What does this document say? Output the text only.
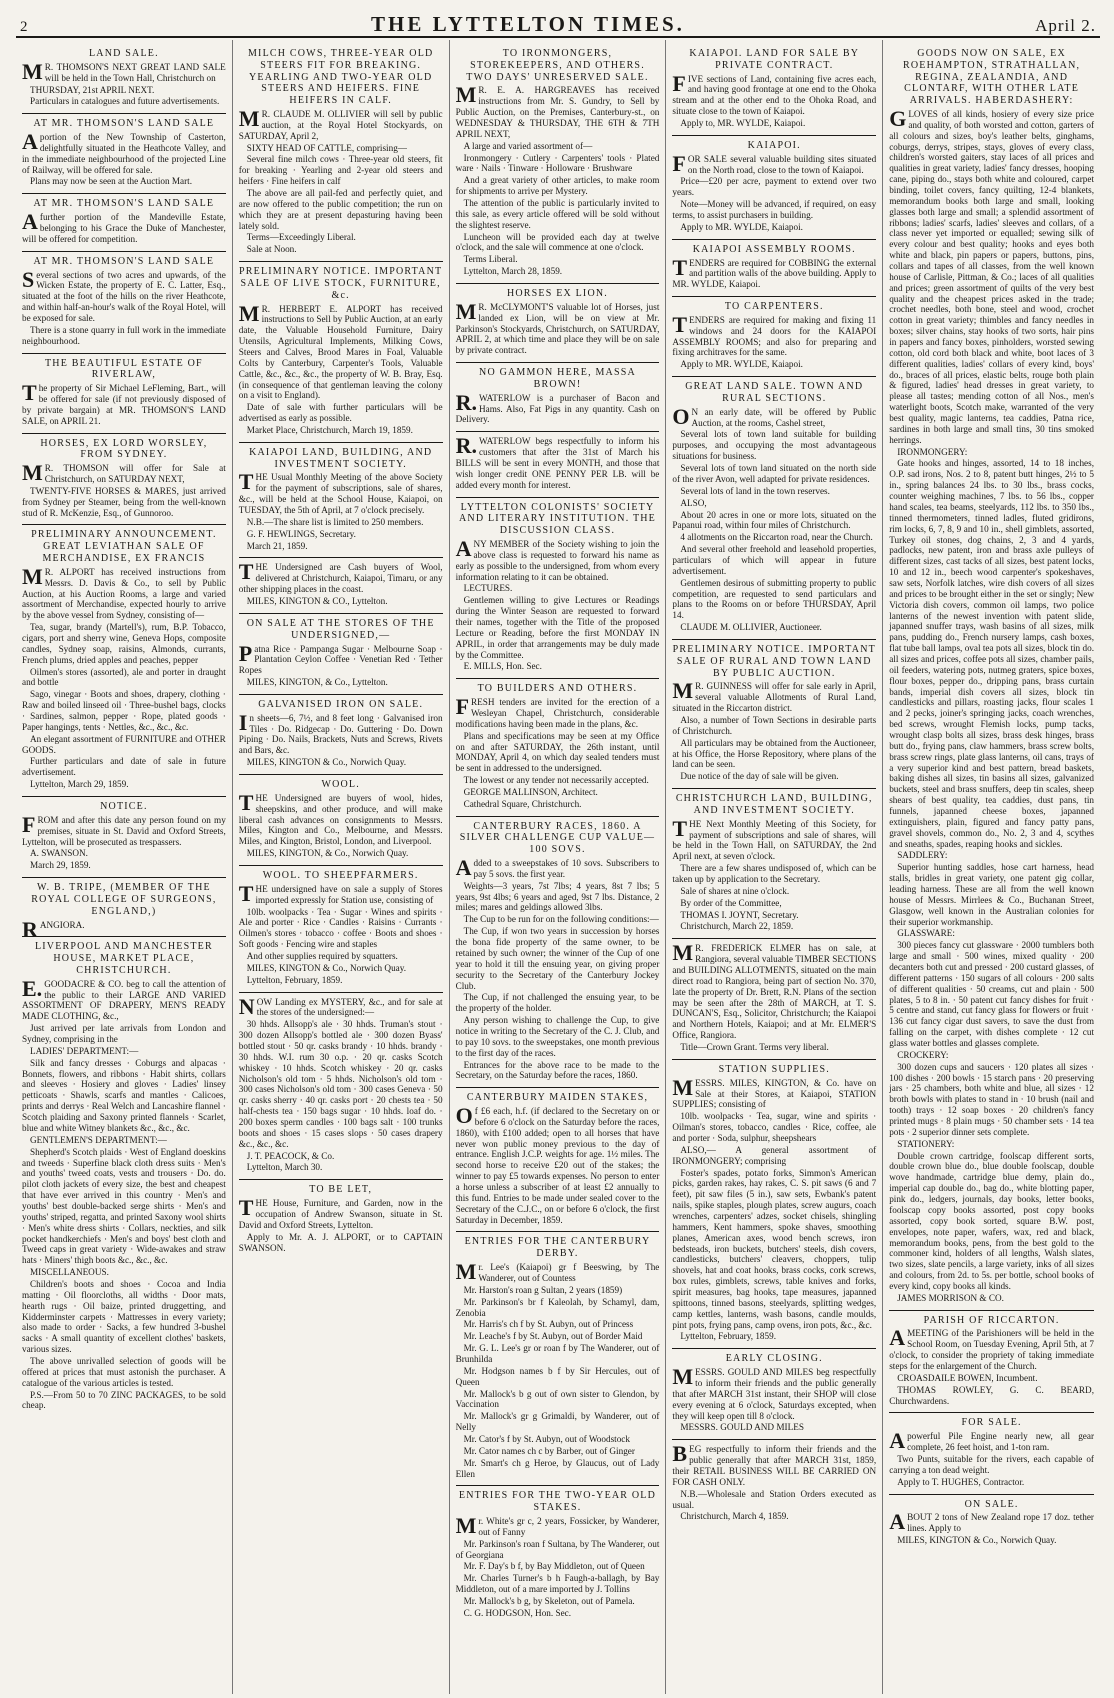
2	THE LYTTELTON TIMES.	April 2.
LAND SALE.
MR. THOMSON'S NEXT GREAT LAND SALE will be held in the Town Hall, Christchurch on
THURSDAY, 21st APRIL NEXT.
Particulars in catalogues and future advertisements.
AT MR. THOMSON'S LAND SALE
Aportion of the New Township of Casterton, delightfully situated in the Heathcote Valley, and in the immediate neighbourhood of the projected Line of Railway, will be offered for sale.
Plans may now be seen at the Auction Mart.
AT MR. THOMSON'S LAND SALE
Afurther portion of the Mandeville Estate, belonging to his Grace the Duke of Manchester, will be offered for competition.
AT MR. THOMSON'S LAND SALE
Several sections of two acres and upwards, of the Wicken Estate, the property of E. C. Latter, Esq., situated at the foot of the hills on the river Heathcote, and within half-an-hour's walk of the Royal Hotel, will be exposed for sale.
There is a stone quarry in full work in the immediate neighbourhood.
THE BEAUTIFUL ESTATE OF RIVERLAW,
The property of Sir Michael LeFleming, Bart., will be offered for sale (if not previously disposed of by private bargain) at MR. THOMSON'S LAND SALE, on APRIL 21.
HORSES, EX LORD WORSLEY, FROM SYDNEY.
MR. THOMSON will offer for Sale at Christchurch, on SATURDAY NEXT,
TWENTY-FIVE HORSES & MARES, just arrived from Sydney per Steamer, being from the well-known stud of R. McKenzie, Esq., of Gunnoroo.
PRELIMINARY ANNOUNCEMENT. GREAT LEVIATHAN SALE OF MERCHANDISE, EX FRANCIS
MR. ALPORT has received instructions from Messrs. D. Davis & Co., to sell by Public Auction, at his Auction Rooms, a large and varied assortment of Merchandise, expected hourly to arrive by the above vessel from Sydney, consisting of—
Tea, sugar, brandy (Martell's), rum, B.P. Tobacco, cigars, port and sherry wine, Geneva Hops, composite candles, Sydney soap, raisins, Almonds, currants, French plums, dried apples and peaches, pepper
Oilmen's stores (assorted), ale and porter in draught and bottle
Sago, vinegar · Boots and shoes, drapery, clothing · Raw and boiled linseed oil · Three-bushel bags, clocks · Sardines, salmon, pepper · Rope, plated goods · Paper hangings, tents · Nettles, &c., &c., &c.
An elegant assortment of FURNITURE and OTHER GOODS.
Further particulars and date of sale in future advertisement.
Lyttelton, March 29, 1859.
NOTICE.
FROM and after this date any person found on my premises, situate in St. David and Oxford Streets, Lyttelton, will be prosecuted as trespassers.
A. SWANSON.
March 29, 1859.
W. B. TRIPE, (MEMBER OF THE ROYAL COLLEGE OF SURGEONS, ENGLAND,)
RANGIORA.
LIVERPOOL AND MANCHESTER HOUSE, MARKET PLACE, CHRISTCHURCH.
E.GOODACRE & CO. beg to call the attention of the public to their LARGE AND VARIED ASSORTMENT OF DRAPERY, MEN'S READY MADE CLOTHING, &c.,
Just arrived per late arrivals from London and Sydney, comprising in the
LADIES' DEPARTMENT:—
Silk and fancy dresses · Coburgs and alpacas · Bonnets, flowers, and ribbons · Habit shirts, collars and sleeves · Hosiery and gloves · Ladies' linsey petticoats · Shawls, scarfs and mantles · Calicoes, prints and derrys · Real Welch and Lancashire flannel · Scotch plaiding and Saxony printed flannels · Scarlet, blue and white Witney blankets &c., &c., &c.
GENTLEMEN'S DEPARTMENT:—
Shepherd's Scotch plaids · West of England doeskins and tweeds · Superfine black cloth dress suits · Men's and youths' tweed coats, vests and trousers · Do. do. pilot cloth jackets of every size, the best and cheapest that have ever arrived in this country · Men's and youths' best double-backed serge shirts · Men's and youths' striped, regatta, and printed Saxony wool shirts · Men's white dress shirts · Collars, neckties, and silk pocket handkerchiefs · Men's and boys' best cloth and Tweed caps in great variety · Wide-awakes and straw hats · Miners' thigh boots &c., &c., &c.
MISCELLANEOUS.
Children's boots and shoes · Cocoa and India matting · Oil floorcloths, all widths · Door mats, hearth rugs · Oil baize, printed druggetting, and Kidderminster carpets · Mattresses in every variety; also made to order · Sacks, a few hundred 3-bushel sacks · A small quantity of excellent clothes' baskets, various sizes.
The above unrivalled selection of goods will be offered at prices that must astonish the purchaser. A catalogue of the various articles is tested.
P.S.—From 50 to 70 ZINC PACKAGES, to be sold cheap.
MILCH COWS, THREE-YEAR OLD STEERS FIT FOR BREAKING. YEARLING AND TWO-YEAR OLD STEERS AND HEIFERS. FINE HEIFERS IN CALF.
MR. CLAUDE M. OLLIVIER will sell by public auction, at the Royal Hotel Stockyards, on SATURDAY, April 2,
SIXTY HEAD OF CATTLE, comprising—
Several fine milch cows · Three-year old steers, fit for breaking · Yearling and 2-year old steers and heifers · Fine heifers in calf
The above are all pail-fed and perfectly quiet, and are now offered to the public competition; the run on which they are at present depasturing having been lately sold.
Terms—Exceedingly Liberal.
Sale at Noon.
PRELIMINARY NOTICE. IMPORTANT SALE OF LIVE STOCK, FURNITURE, &c.
MR. HERBERT E. ALPORT has received instructions to Sell by Public Auction, at an early date, the Valuable Household Furniture, Dairy Utensils, Agricultural Implements, Milking Cows, Steers and Calves, Brood Mares in Foal, Valuable Colts by Canterbury, Carpenter's Tools, Valuable Cattle, &c., &c., &c., the property of W. B. Bray, Esq. (in consequence of that gentleman leaving the colony on a visit to England).
Date of sale with further particulars will be advertised as early as possible.
Market Place, Christchurch, March 19, 1859.
KAIAPOI LAND, BUILDING, AND INVESTMENT SOCIETY.
THE Usual Monthly Meeting of the above Society for the payment of subscriptions, sale of shares, &c., will be held at the School House, Kaiapoi, on TUESDAY, the 5th of April, at 7 o'clock precisely.
N.B.—The share list is limited to 250 members.
G. F. HEWLINGS, Secretary.
March 21, 1859.
THE Undersigned are Cash buyers of Wool, delivered at Christchurch, Kaiapoi, Timaru, or any other shipping places in the coast.
MILES, KINGTON & CO., Lyttelton.
ON SALE AT THE STORES OF THE UNDERSIGNED,—
Patna Rice · Pampanga Sugar · Melbourne Soap · Plantation Ceylon Coffee · Venetian Red · Tether Ropes
MILES, KINGTON, & Co., Lyttelton.
GALVANISED IRON ON SALE.
In sheets—6, 7½, and 8 feet long · Galvanised iron Tiles · Do. Ridgecap · Do. Guttering · Do. Down Piping · Do. Nails, Brackets, Nuts and Screws, Rivets and Bars, &c.
MILES, KINGTON & Co., Norwich Quay.
WOOL.
THE Undersigned are buyers of wool, hides, sheepskins, and other produce, and will make liberal cash advances on consignments to Messrs. Miles, Kington and Co., Melbourne, and Messrs. Miles, and Kington, Bristol, London, and Liverpool.
MILES, KINGTON, & Co., Norwich Quay.
WOOL. TO SHEEPFARMERS.
THE undersigned have on sale a supply of Stores imported expressly for Station use, consisting of
10lb. woolpacks · Tea · Sugar · Wines and spirits · Ale and porter · Rice · Candles · Raisins · Currants · Oilmen's stores · tobacco · coffee · Boots and shoes · Soft goods · Fencing wire and staples
And other supplies required by squatters.
MILES, KINGTON & Co., Norwich Quay.
Lyttelton, February, 1859.
NOW Landing ex MYSTERY, &c., and for sale at the stores of the undersigned:—
30 hhds. Allsopp's ale · 30 hhds. Truman's stout · 300 dozen Allsopp's bottled ale · 300 dozen Byass' bottled stout · 50 qr. casks brandy · 10 hhds. brandy · 30 hhds. W.I. rum 30 o.p. · 20 qr. casks Scotch whiskey · 10 hhds. Scotch whiskey · 20 qr. casks Nicholson's old tom · 5 hhds. Nicholson's old tom · 300 cases Nicholson's old tom · 300 cases Geneva · 50 qr. casks sherry · 40 qr. casks port · 20 chests tea · 50 half-chests tea · 150 bags sugar · 10 hhds. loaf do. · 200 boxes sperm candles · 100 bags salt · 100 trunks boots and shoes · 15 cases slops · 50 cases drapery &c., &c., &c.
J. T. PEACOCK, & Co.
Lyttelton, March 30.
TO BE LET,
THE House, Furniture, and Garden, now in the occupation of Andrew Swanson, situate in St. David and Oxford Streets, Lyttelton.
Apply to Mr. A. J. ALPORT, or to CAPTAIN SWANSON.
TO IRONMONGERS, STOREKEEPERS, AND OTHERS. TWO DAYS' UNRESERVED SALE.
MR. E. A. HARGREAVES has received instructions from Mr. S. Gundry, to Sell by Public Auction, on the Premises, Canterbury-st., on WEDNESDAY & THURSDAY, THE 6TH & 7TH APRIL NEXT,
A large and varied assortment of—
Ironmongery · Cutlery · Carpenters' tools · Plated ware · Nails · Tinware · Holloware · Brushware
And a great variety of other articles, to make room for shipments to arrive per Mystery.
The attention of the public is particularly invited to this sale, as every article offered will be sold without the slightest reserve.
Luncheon will be provided each day at twelve o'clock, and the sale will commence at one o'clock.
Terms Liberal.
Lyttelton, March 28, 1859.
HORSES EX LION.
MR. McCLYMONT'S valuable lot of Horses, just landed ex Lion, will be on view at Mr. Parkinson's Stockyards, Christchurch, on SATURDAY, APRIL 2, at which time and place they will be on sale by private contract.
NO GAMMON HERE, MASSA BROWN!
R.WATERLOW is a purchaser of Bacon and Hams. Also, Fat Pigs in any quantity. Cash on Delivery.
R.WATERLOW begs respectfully to inform his customers that after the 31st of March his BILLS will be sent in every MONTH, and those that wish longer credit ONE PENNY PER LB. will be added every month for interest.
LYTTELTON COLONISTS' SOCIETY AND LITERARY INSTITUTION. THE DISCUSSION CLASS.
ANY MEMBER of the Society wishing to join the above class is requested to forward his name as early as possible to the undersigned, from whom every information relating to it can be obtained.
LECTURES.
Gentlemen willing to give Lectures or Readings during the Winter Season are requested to forward their names, together with the Title of the proposed Lecture or Reading, before the first MONDAY IN APRIL, in order that arrangements may be duly made by the Committee.
E. MILLS, Hon. Sec.
TO BUILDERS AND OTHERS.
FRESH tenders are invited for the erection of a Wesleyan Chapel, Christchurch, considerable modifications having been made in the plans, &c.
Plans and specifications may be seen at my Office on and after SATURDAY, the 26th instant, until MONDAY, April 4, on which day sealed tenders must be sent in addressed to the undersigned.
The lowest or any tender not necessarily accepted.
GEORGE MALLINSON, Architect.
Cathedral Square, Christchurch.
CANTERBURY RACES, 1860. A SILVER CHALLENGE CUP VALUE—100 SOVS.
Added to a sweepstakes of 10 sovs. Subscribers to pay 5 sovs. the first year.
Weights—3 years, 7st 7lbs; 4 years, 8st 7 lbs; 5 years, 9st 4lbs; 6 years and aged, 9st 7 lbs. Distance, 2 miles; mares and geldings allowed 3lbs.
The Cup to be run for on the following conditions:—
The Cup, if won two years in succession by horses the bona fide property of the same owner, to be retained by such owner; the winner of the Cup of one year to hold it till the ensuing year, on giving proper security to the Secretary of the Canterbury Jockey Club.
The Cup, if not challenged the ensuing year, to be the property of the holder.
Any person wishing to challenge the Cup, to give notice in writing to the Secretary of the C. J. Club, and to pay 10 sovs. to the sweepstakes, one month previous to the first day of the races.
Entrances for the above race to be made to the Secretary, on the Saturday before the races, 1860.
CANTERBURY MAIDEN STAKES,
Of £6 each, h.f. (if declared to the Secretary on or before 6 o'clock on the Saturday before the races, 1860), with £100 added; open to all horses that have never won public money previous to the day of entrance. English J.C.P. weights for age. 1½ miles. The second horse to receive £20 out of the stakes; the winner to pay £5 towards expenses. No person to enter a horse unless a subscriber of at least £2 annually to this fund. Entries to be made under sealed cover to the Secretary of the C.J.C., on or before 6 o'clock, the first Saturday in December, 1859.
ENTRIES FOR THE CANTERBURY DERBY.
Mr. Lee's (Kaiapoi) gr f Beeswing, by The Wanderer, out of Countess
Mr. Harston's roan g Sultan, 2 years (1859)
Mr. Parkinson's br f Kaleolah, by Schamyl, dam, Zenobia
Mr. Harris's ch f by St. Aubyn, out of Princess
Mr. Leache's f by St. Aubyn, out of Border Maid
Mr. G. L. Lee's gr or roan f by The Wanderer, out of Brunhilda
Mr. Hodgson names b f by Sir Hercules, out of Queen
Mr. Mallock's b g out of own sister to Glendon, by Vaccination
Mr. Mallock's gr g Grimaldi, by Wanderer, out of Nelly
Mr. Cator's f by St. Aubyn, out of Woodstock
Mr. Cator names ch c by Barber, out of Ginger
Mr. Smart's ch g Heroe, by Glaucus, out of Lady Ellen
ENTRIES FOR THE TWO-YEAR OLD STAKES.
Mr. White's gr c, 2 years, Fossicker, by Wanderer, out of Fanny
Mr. Parkinson's roan f Sultana, by The Wanderer, out of Georgiana
Mr. F. Day's b f, by Bay Middleton, out of Queen
Mr. Charles Turner's b h Faugh-a-ballagh, by Bay Middleton, out of a mare imported by J. Tollins
Mr. Mallock's b g, by Skeleton, out of Pamela.
C. G. HODGSON, Hon. Sec.
KAIAPOI. LAND FOR SALE BY PRIVATE CONTRACT.
FIVE sections of Land, containing five acres each, and having good frontage at one end to the Ohoka stream and at the other end to the Ohoka Road, and situate close to the town of Kaiapoi.
Apply to, MR. WYLDE, Kaiapoi.
KAIAPOI.
FOR SALE several valuable building sites situated on the North road, close to the town of Kaiapoi.
Price—£20 per acre, payment to extend over two years.
Note—Money will be advanced, if required, on easy terms, to assist purchasers in building.
Apply to MR. WYLDE, Kaiapoi.
KAIAPOI ASSEMBLY ROOMS.
TENDERS are required for COBBING the external and partition walls of the above building. Apply to MR. WYLDE, Kaiapoi.
TO CARPENTERS.
TENDERS are required for making and fixing 11 windows and 24 doors for the KAIAPOI ASSEMBLY ROOMS; and also for preparing and fixing architraves for the same.
Apply to MR. WYLDE, Kaiapoi.
GREAT LAND SALE. TOWN AND RURAL SECTIONS.
ON an early date, will be offered by Public Auction, at the rooms, Cashel street,
Several lots of town land suitable for building purposes, and occupying the most advantageous situations for business.
Several lots of town land situated on the north side of the river Avon, well adapted for private residences.
Several lots of land in the town reserves.
ALSO,
About 20 acres in one or more lots, situated on the Papanui road, within four miles of Christchurch.
4 allotments on the Riccarton road, near the Church.
And several other freehold and leasehold properties, particulars of which will appear in future advertisement.
Gentlemen desirous of submitting property to public competition, are requested to send particulars and plans to the Rooms on or before THURSDAY, April 14.
CLAUDE M. OLLIVIER, Auctioneer.
PRELIMINARY NOTICE. IMPORTANT SALE OF RURAL AND TOWN LAND BY PUBLIC AUCTION.
MR. GUINNESS will offer for sale early in April, several valuable Allotments of Rural Land, situated in the Riccarton district.
Also, a number of Town Sections in desirable parts of Christchurch.
All particulars may be obtained from the Auctioneer, at his Office, the Horse Repository, where plans of the land can be seen.
Due notice of the day of sale will be given.
CHRISTCHURCH LAND, BUILDING, AND INVESTMENT SOCIETY.
THE Next Monthly Meeting of this Society, for payment of subscriptions and sale of shares, will be held in the Town Hall, on SATURDAY, the 2nd April next, at seven o'clock.
There are a few shares undisposed of, which can be taken up by application to the Secretary.
Sale of shares at nine o'clock.
By order of the Committee,
THOMAS I. JOYNT, Secretary.
Christchurch, March 22, 1859.
MR. FREDERICK ELMER has on sale, at Rangiora, several valuable TIMBER SECTIONS and BUILDING ALLOTMENTS, situated on the main direct road to Rangiora, being part of section No. 370, late the property of Dr. Brett, R.N. Plans of the section may be seen after the 28th of MARCH, at T. S. DUNCAN'S, Esq., Solicitor, Christchurch; the Kaiapoi and Northern Hotels, Kaiapoi; and at Mr. ELMER'S Office, Rangiora.
Title—Crown Grant. Terms very liberal.
STATION SUPPLIES.
MESSRS. MILES, KINGTON, & Co. have on Sale at their Stores, at Kaiapoi, STATION SUPPLIES; consisting of
10lb. woolpacks · Tea, sugar, wine and spirits · Oilman's stores, tobacco, candles · Rice, coffee, ale and porter · Soda, sulphur, sheepshears
ALSO,— A general assortment of IRONMONGERY; comprising
Foster's spades, potato forks, Simmon's American picks, garden rakes, hay rakes, C. S. pit saws (6 and 7 feet), pit saw files (5 in.), saw sets, Ewbank's patent nails, spike staples, plough plates, screw augurs, coach wrenches, carpenters' adzes, socket chisels, shingling hammers, Kent hammers, spoke shaves, smoothing planes, American axes, wood bench screws, iron bedsteads, iron buckets, butchers' steels, dish covers, candlesticks, butchers' cleavers, choppers, tulip shovels, hat and coat hooks, brass cocks, cork screws, box rules, gimblets, screws, table knives and forks, spirit measures, bag hooks, tape measures, japanned spittoons, tinned basons, steelyards, splitting wedges, camp kettles, lanterns, wash basons, candle moulds, pint pots, frying pans, camp ovens, iron pots, &c., &c.
Lyttelton, February, 1859.
EARLY CLOSING.
MESSRS. GOULD AND MILES beg respectfully to inform their friends and the public generally that after MARCH 31st instant, their SHOP will close every evening at 6 o'clock, Saturdays excepted, when they will keep open till 8 o'clock.
MESSRS. GOULD AND MILES
BEG respectfully to inform their friends and the public generally that after MARCH 31st, 1859, their RETAIL BUSINESS WILL BE CARRIED ON FOR CASH ONLY.
N.B.—Wholesale and Station Orders executed as usual.
Christchurch, March 4, 1859.
GOODS NOW ON SALE, EX ROEHAMPTON, STRATHALLAN, REGINA, ZEALANDIA, AND CLONTARF, WITH OTHER LATE ARRIVALS. HABERDASHERY:
GLOVES of all kinds, hosiery of every size price and quality, of both worsted and cotton, garters of all colours and sizes, boy's leather belts, ginghams, coburgs, derrys, stripes, stays, gloves of every class, children's worsted gaiters, stay laces of all prices and qualities in great variety, ladies' fancy dresses, hooping cane, piping do., stays both white and coloured, carpet binding, toilet covers, fancy quilting, 12-4 blankets, memorandum books both large and small, looking glasses both large and small; a splendid assortment of ribbons; ladies' scarfs, ladies' sleeves and collars, of a class never yet imported or equalled; sewing silk of every colour and best quality; hooks and eyes both white and black, pin papers or papers, buttons, pins, collars and tapes of all classes, from the well known house of Carlisle, Pittman, & Co.; laces of all qualities and prices; green assortment of quilts of the very best quality and the cheapest prices asked in the trade; crochet needles, both bone, steel and wood, crochet cotton in great variety; thimbles and fancy needles in boxes; silver chains, stay hooks of two sorts, hair pins in papers and fancy boxes, pinholders, worsted sewing cotton, old cord both black and white, boot laces of 3 different qualities, ladies' collars of every kind, boys' do., braces of all prices, elastic belts, rouge both plain & figured, ladies' head dresses in great variety, to please all tastes; mending cotton of all Nos., men's waterlight boots, Scotch make, warranted of the very best quality, magic lanterns, tea caddies, Patna rice, sardines in both large and small tins, 30 tins smoked herrings.
IRONMONGERY:
Gate hooks and hinges, assorted, 14 to 18 inches, O.P. sad irons, Nos. 2 to 8, patent butt hinges, 2½ to 5 in., spring balances 24 lbs. to 30 lbs., brass cocks, counter weighing machines, 7 lbs. to 56 lbs., copper hand scales, tea beams, steelyards, 112 lbs. to 350 lbs., tinned thermometers, tinned ladles, fluted gridirons, rim locks, 6, 7, 8, 9 and 10 in., shell gimblets, assorted, Turkey oil stones, dog chains, 2, 3 and 4 yards, padlocks, new patent, iron and brass axle pulleys of different sizes, cast tacks of all sizes, best patent locks, 10 and 12 in., beech wood carpenter's spokeshaves, saw sets, Norfolk latches, wire dish covers of all sizes and prices to be brought either in the set or singly; New Victoria dish covers, common oil lamps, two police lanterns of the newest invention with patent slide, japanned snuffer trays, wash basins of all sizes, milk pans, pudding do., French nursery lamps, cash boxes, flat tube ball lamps, oval tea pots all sizes, block tin do. all sizes and prices, coffee pots all sizes, chamber pails, oil feeders, watering pots, nutmeg graters, spice boxes, flour boxes, pepper do., dripping pans, brass curtain bands, imperial dish covers all sizes, block tin candlesticks and pillars, roasting jacks, flour scales 1 and 2 pecks, joiner's springing jacks, coach wrenches, bed screws, wrought Flemish locks, pump tacks, wrought clasp bolts all sizes, brass desk hinges, brass butt do., frying pans, claw hammers, brass screw bolts, brass screw rings, plate glass lanterns, oil cans, trays of a very superior kind and best pattern, bread baskets, baking dishes all sizes, tin basins all sizes, galvanized buckets, steel and brass snuffers, deep tin scales, sheep shears of best quality, tea caddies, dust pans, tin funnels, japanned cheese boxes, japanned extinguishers, plain, figured and fancy patty pans, gravel shovels, common do., No. 2, 3 and 4, scythes and sneaths, spades, reaping hooks and sickles.
SADDLERY:
Superior hunting saddles, hose cart harness, head stalls, bridles in great variety, one patent gig collar, leading harness. These are all from the well known house of Messrs. Mirrlees & Co., Buchanan Street, Glasgow, well known in the Australian colonies for their superior workmanship.
GLASSWARE:
300 pieces fancy cut glassware · 2000 tumblers both large and small · 500 wines, mixed quality · 200 decanters both cut and pressed · 200 custard glasses, of different patterns · 150 sugars of all colours · 200 salts of different qualities · 50 creams, cut and plain · 500 plates, 5 to 8 in. · 50 patent cut fancy dishes for fruit · 5 centre and stand, cut fancy glass for flowers or fruit · 136 cut fancy cigar dust savers, to save the dust from falling on the carpet, with dishes complete · 12 cut glass water bottles and glasses complete.
CROCKERY:
300 dozen cups and saucers · 120 plates all sizes · 100 dishes · 200 bowls · 15 starch pans · 20 preserving jars · 25 chambers, both white and blue, all sizes · 12 broth bowls with plates to stand in · 10 brush (nail and tooth) trays · 12 soap boxes · 20 children's fancy printed mugs · 8 plain mugs · 50 chamber sets · 14 tea pots · 2 superior dinner sets complete.
STATIONERY:
Double crown cartridge, foolscap different sorts, double crown blue do., blue double foolscap, double wove handmade, cartridge blue demy, plain do., imperial cap double do., bag do., white blotting paper, pink do., ledgers, journals, day books, letter books, foolscap copy books assorted, post copy books assorted, copy book sorted, square B.W. post, envelopes, note paper, wafers, wax, red and black, memorandum books, pens, from the best gold to the commoner kind, holders of all lengths, Walsh slates, two sizes, slate pencils, a large variety, inks of all sizes and colours, from 2d. to 5s. per bottle, school books of every kind, copy books all kinds.
JAMES MORRISON & CO.
PARISH OF RICCARTON.
AMEETING of the Parishioners will be held in the School Room, on Tuesday Evening, April 5th, at 7 o'clock, to consider the propriety of taking immediate steps for the enlargement of the Church.
CROASDAILE BOWEN, Incumbent.
THOMAS ROWLEY, G. C. BEARD, Churchwardens.
FOR SALE.
Apowerful Pile Engine nearly new, all gear complete, 26 feet hoist, and 1-ton ram.
Two Punts, suitable for the rivers, each capable of carrying a ton dead weight.
Apply to T. HUGHES, Contractor.
ON SALE.
ABOUT 2 tons of New Zealand rope 17 doz. tether lines. Apply to
MILES, KINGTON & Co., Norwich Quay.
